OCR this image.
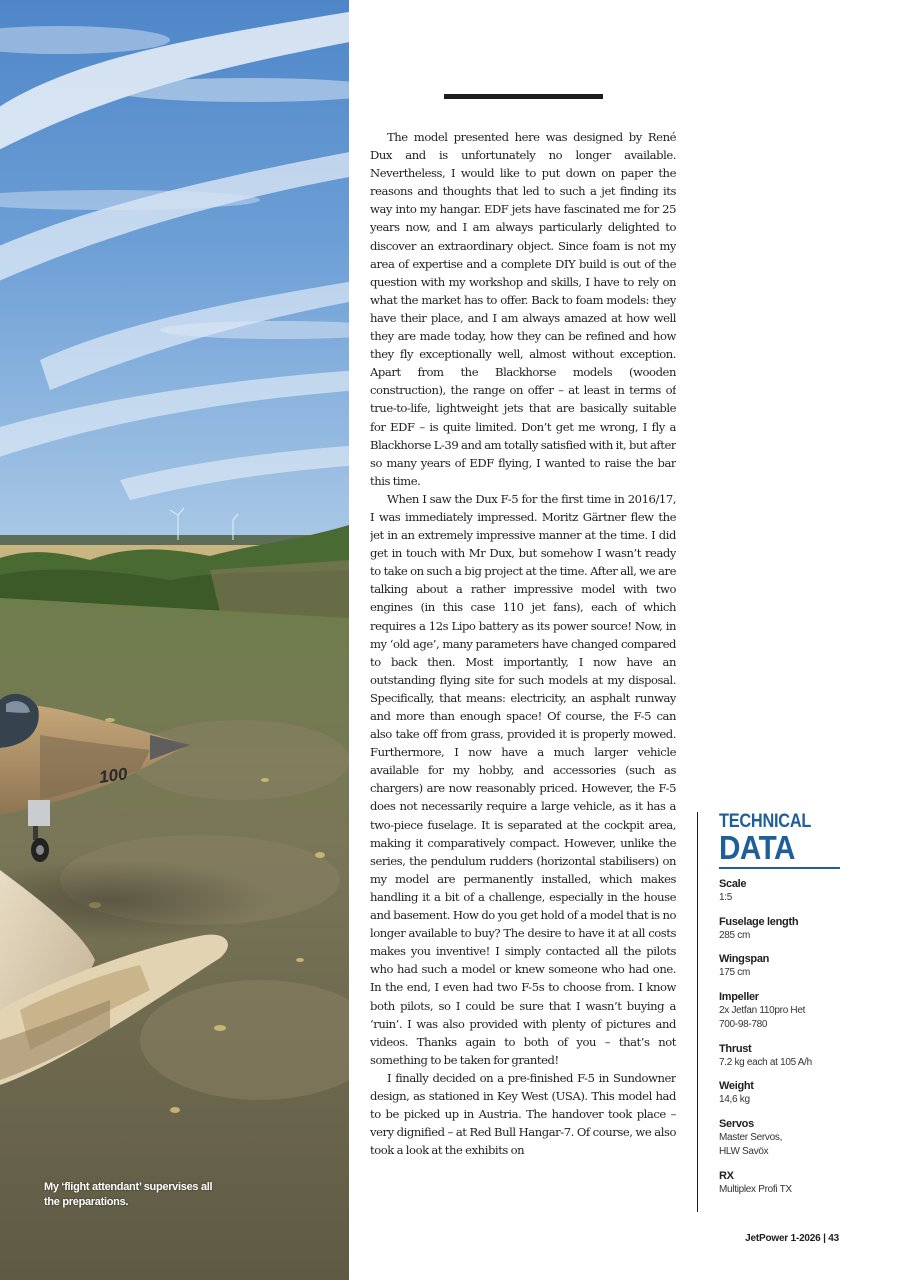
100
My ‘flight attendant’ supervises all the preparations.

The model presented here was designed by René Dux and is unfortunately no longer available. Nevertheless, I would like to put down on paper the reasons and thoughts that led to such a jet finding its way into my hangar. EDF jets have fascinated me for 25 years now, and I am always particularly delighted to discover an extraordinary object. Since foam is not my area of expertise and a complete DIY build is out of the question with my workshop and skills, I have to rely on what the market has to offer. Back to foam models: they have their place, and I am always amazed at how well they are made today, how they can be refined and how they fly exceptionally well, almost without exception. Apart from the Blackhorse models (wooden construction), the range on offer – at least in terms of true-to-life, lightweight jets that are basically suitable for EDF – is quite limited. Don’t get me wrong, I fly a Blackhorse L-39 and am totally satisfied with it, but after so many years of EDF flying, I wanted to raise the bar this time.

When I saw the Dux F-5 for the first time in 2016/17, I was immediately impressed. Moritz Gärtner flew the jet in an extremely impressive manner at the time. I did get in touch with Mr Dux, but somehow I wasn’t ready to take on such a big project at the time. After all, we are talking about a rather impressive model with two engines (in this case 110 jet fans), each of which requires a 12s Lipo battery as its power source! Now, in my ‘old age’, many parameters have changed compared to back then. Most importantly, I now have an outstanding flying site for such models at my disposal. Specifically, that means: electricity, an asphalt runway and more than enough space! Of course, the F-5 can also take off from grass, provided it is properly mowed. Furthermore, I now have a much larger vehicle available for my hobby, and accessories (such as chargers) are now reasonably priced. However, the F-5 does not necessarily require a large vehicle, as it has a two-piece fuselage. It is separated at the cockpit area, making it comparatively compact. However, unlike the series, the pendulum rudders (horizontal stabilisers) on my model are permanently installed, which makes handling it a bit of a challenge, especially in the house and basement. How do you get hold of a model that is no longer available to buy? The desire to have it at all costs makes you inventive! I simply contacted all the pilots who had such a model or knew someone who had one. In the end, I even had two F-5s to choose from. I know both pilots, so I could be sure that I wasn’t buying a ‘ruin’. I was also provided with plenty of pictures and videos. Thanks again to both of you – that’s not something to be taken for granted!

I finally decided on a pre-finished F-5 in Sundowner design, as stationed in Key West (USA). This model had to be picked up in Austria. The handover took place – very dignified – at Red Bull Hangar-7. Of course, we also took a look at the exhibits on

TECHNICAL
DATA
Scale
1:5
Fuselage length
285 cm
Wingspan
175 cm
Impeller
2x Jetfan 110pro Het
700-98-780
Thrust
7.2 kg each at 105 A/h
Weight
14,6 kg
Servos
Master Servos,
HLW Savöx
RX
Multiplex Profi TX
JetPower 1-2026 | 43
